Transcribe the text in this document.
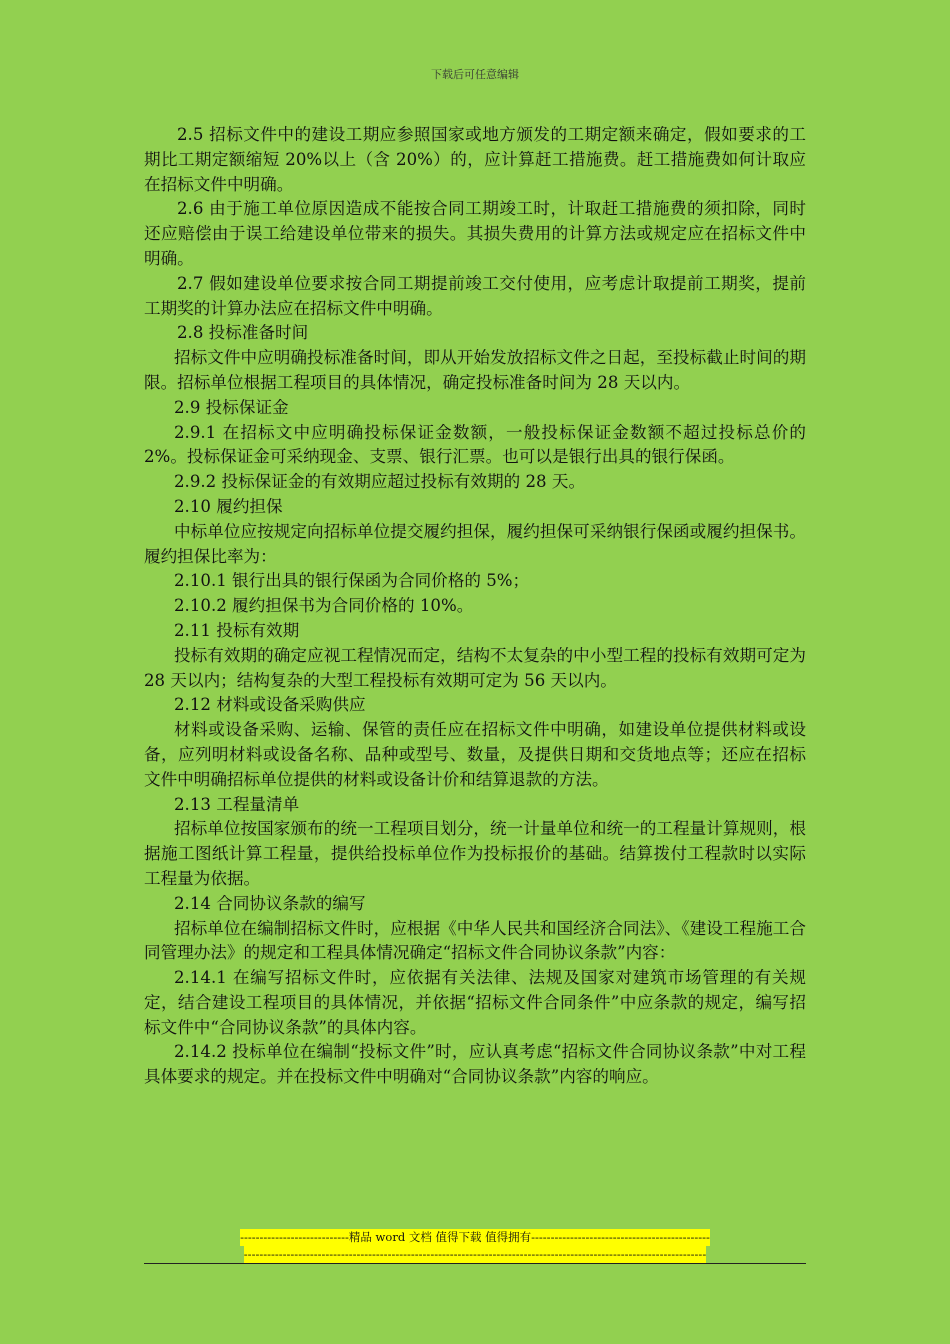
下载后可任意编辑

2.5 招标文件中的建设工期应参照国家或地方颁发的工期定额来确定，假如要求的工期比工期定额缩短 20%以上（含 20%）的，应计算赶工措施费。赶工措施费如何计取应在招标文件中明确。

2.6 由于施工单位原因造成不能按合同工期竣工时，计取赶工措施费的须扣除，同时还应赔偿由于误工给建设单位带来的损失。其损失费用的计算方法或规定应在招标文件中明确。

2.7 假如建设单位要求按合同工期提前竣工交付使用，应考虑计取提前工期奖，提前工期奖的计算办法应在招标文件中明确。

2.8 投标准备时间

招标文件中应明确投标准备时间，即从开始发放招标文件之日起，至投标截止时间的期限。招标单位根据工程项目的具体情况，确定投标准备时间为 28 天以内。

2.9 投标保证金

2.9.1 在招标文中应明确投标保证金数额，一般投标保证金数额不超过投标总价的 2%。投标保证金可采纳现金、支票、银行汇票。也可以是银行出具的银行保函。

2.9.2 投标保证金的有效期应超过投标有效期的 28 天。

2.10 履约担保

中标单位应按规定向招标单位提交履约担保，履约担保可采纳银行保函或履约担保书。履约担保比率为：

2.10.1 银行出具的银行保函为合同价格的 5%；

2.10.2 履约担保书为合同价格的 10%。

2.11 投标有效期

投标有效期的确定应视工程情况而定，结构不太复杂的中小型工程的投标有效期可定为 28 天以内；结构复杂的大型工程投标有效期可定为 56 天以内。

2.12 材料或设备采购供应

材料或设备采购、运输、保管的责任应在招标文件中明确，如建设单位提供材料或设备，应列明材料或设备名称、品种或型号、数量，及提供日期和交货地点等；还应在招标文件中明确招标单位提供的材料或设备计价和结算退款的方法。

2.13 工程量清单

招标单位按国家颁布的统一工程项目划分，统一计量单位和统一的工程量计算规则，根据施工图纸计算工程量，提供给投标单位作为投标报价的基础。结算拨付工程款时以实际工程量为依据。

2.14 合同协议条款的编写

招标单位在编制招标文件时，应根据《中华人民共和国经济合同法》、《建设工程施工合同管理办法》的规定和工程具体情况确定“招标文件合同协议条款”内容：

2.14.1 在编写招标文件时，应依据有关法律、法规及国家对建筑市场管理的有关规定，结合建设工程项目的具体情况，并依据“招标文件合同条件”中应条款的规定，编写招标文件中“合同协议条款”的具体内容。

2.14.2 投标单位在编制“投标文件”时，应认真考虑“招标文件合同协议条款”中对工程具体要求的规定。并在投标文件中明确对“合同协议条款”内容的响应。

----------------------------精品 word 文档 值得下载 值得拥有----------------------------------------------
-----------------------------------------------------------------------------------------------------------------------
